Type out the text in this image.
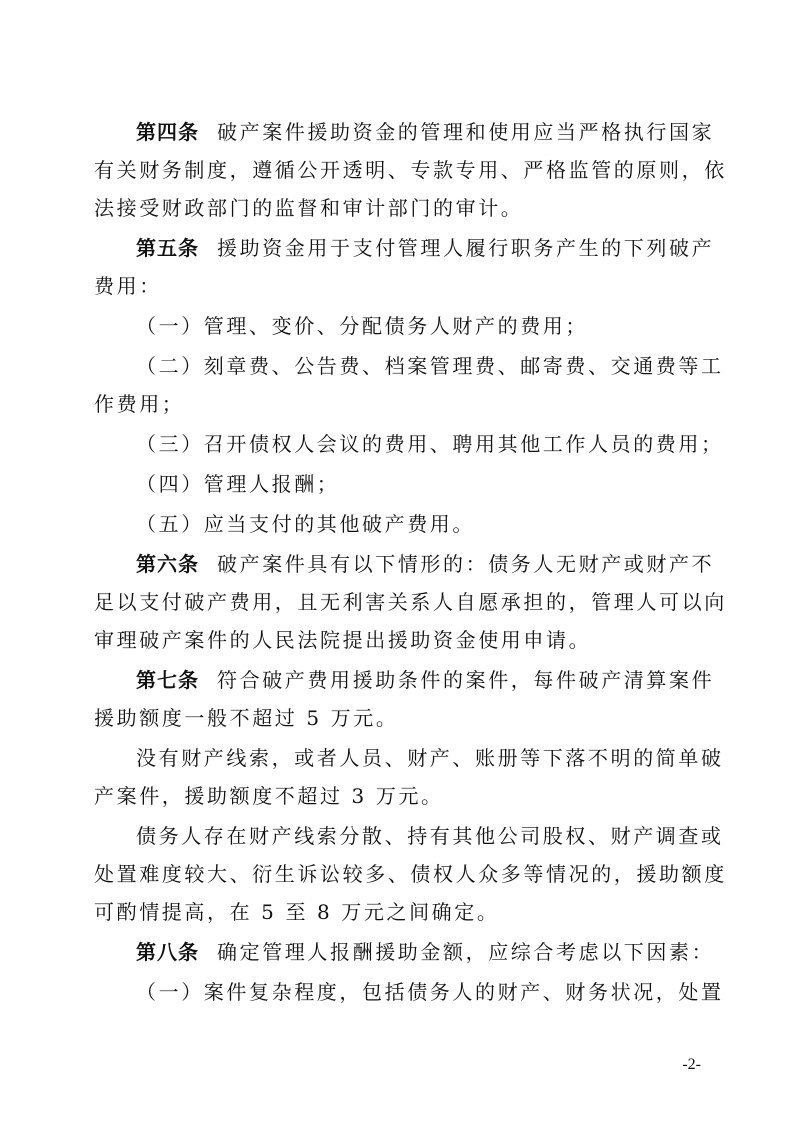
第四条 破产案件援助资金的管理和使用应当严格执行国家
有关财务制度，遵循公开透明、专款专用、严格监管的原则，依
法接受财政部门的监督和审计部门的审计。
第五条 援助资金用于支付管理人履行职务产生的下列破产
费用：
（一）管理、变价、分配债务人财产的费用；
（二）刻章费、公告费、档案管理费、邮寄费、交通费等工
作费用；
（三）召开债权人会议的费用、聘用其他工作人员的费用；
（四）管理人报酬；
（五）应当支付的其他破产费用。
第六条 破产案件具有以下情形的：债务人无财产或财产不
足以支付破产费用，且无利害关系人自愿承担的，管理人可以向
审理破产案件的人民法院提出援助资金使用申请。
第七条 符合破产费用援助条件的案件，每件破产清算案件
援助额度一般不超过 5 万元。
没有财产线索，或者人员、财产、账册等下落不明的简单破
产案件，援助额度不超过 3 万元。
债务人存在财产线索分散、持有其他公司股权、财产调查或
处置难度较大、衍生诉讼较多、债权人众多等情况的，援助额度
可酌情提高，在 5 至 8 万元之间确定。
第八条 确定管理人报酬援助金额，应综合考虑以下因素：
（一）案件复杂程度，包括债务人的财产、财务状况，处置
-2-
